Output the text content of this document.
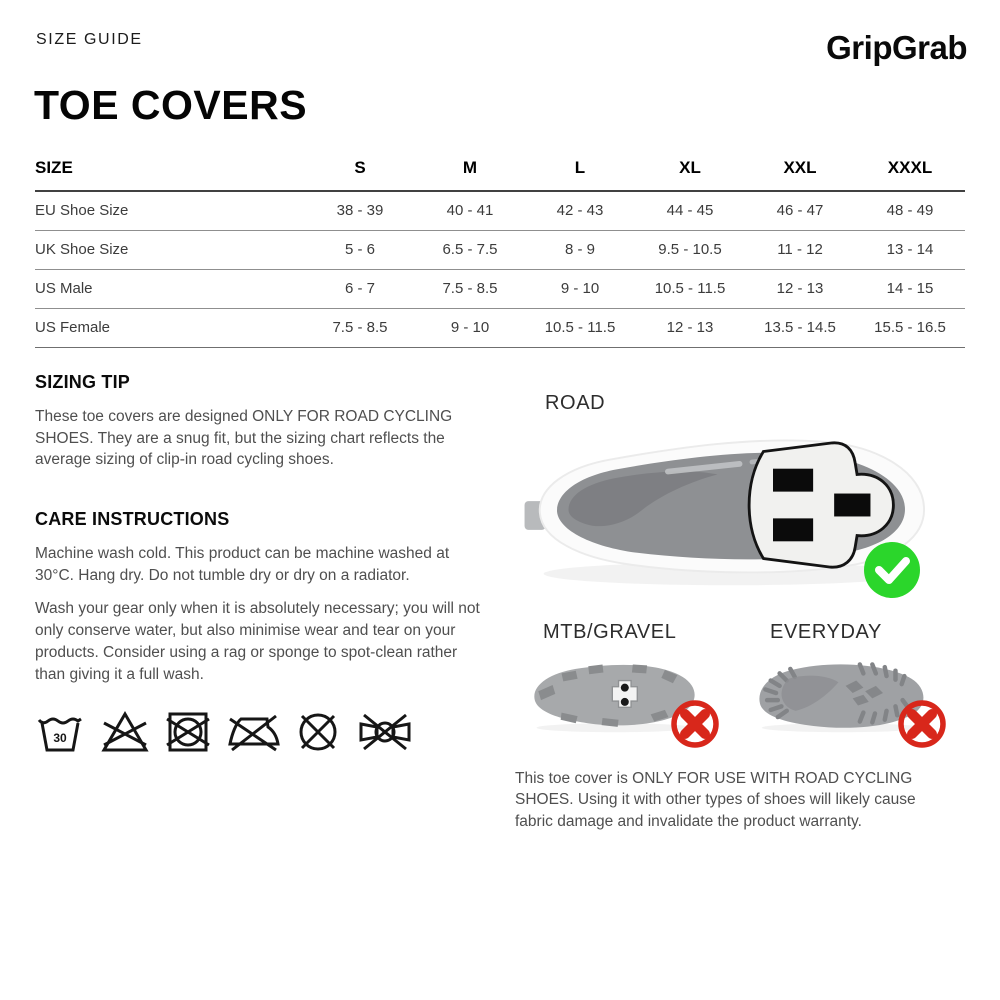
SIZE GUIDE	GripGrab
TOE COVERS
SIZE	S	M	L	XL	XXL	XXXL
EU Shoe Size	38 - 39	40 - 41	42 - 43	44 - 45	46 - 47	48 - 49
UK Shoe Size	5 - 6	6.5 - 7.5	8 - 9	9.5 - 10.5	11 - 12	13 - 14
US Male	6 - 7	7.5 - 8.5	9 - 10	10.5 - 11.5	12 - 13	14 - 15
US Female	7.5 - 8.5	9 - 10	10.5 - 11.5	12 - 13	13.5 - 14.5	15.5 - 16.5
SIZING TIP

These toe covers are designed ONLY FOR ROAD CYCLING SHOES. They are a snug fit, but the sizing chart reflects the average sizing of clip-in road cycling shoes.

CARE INSTRUCTIONS

Machine wash cold. This product can be machine washed at 30°C. Hang dry. Do not tumble dry or dry on a radiator.

Wash your gear only when it is absolutely necessary; you will not only conserve water, but also minimise wear and tear on your products. Consider using a rag or sponge to spot-clean rather than giving it a full wash.

30
ROAD
MTB/GRAVEL	EVERYDAY

This toe cover is ONLY FOR USE WITH ROAD CYCLING SHOES. Using it with other types of shoes will likely cause fabric damage and invalidate the product warranty.
